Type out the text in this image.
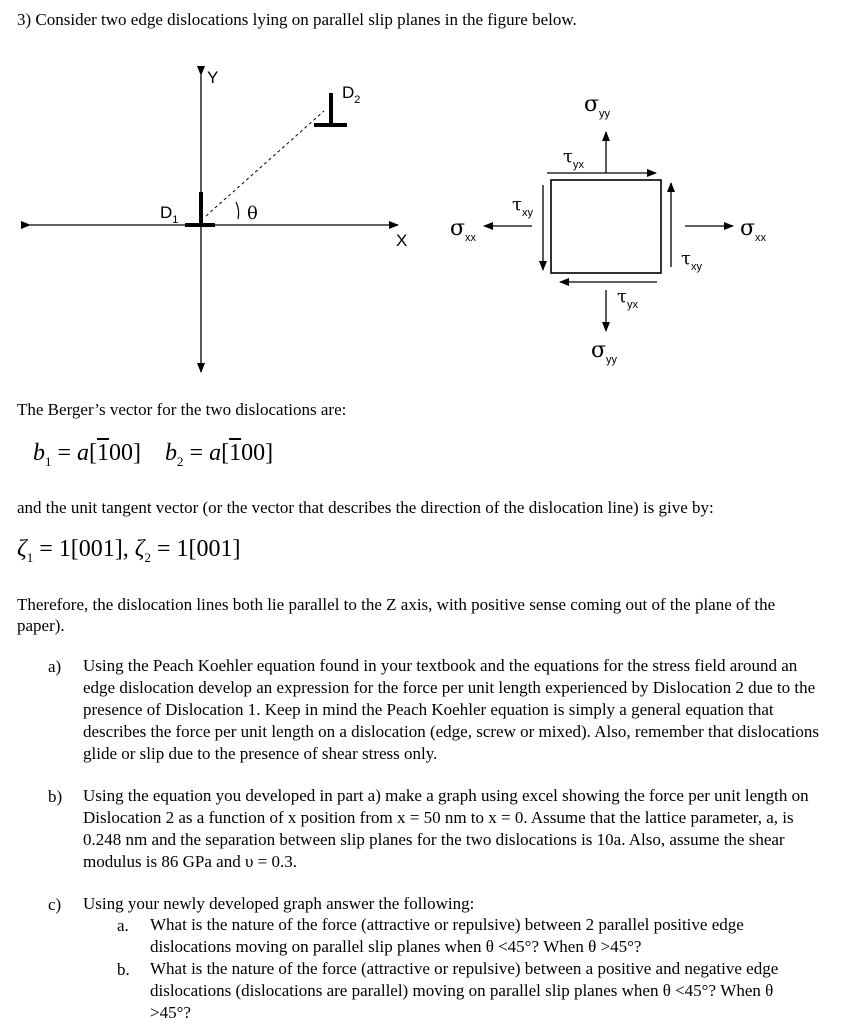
3) Consider two edge dislocations lying on parallel slip planes in the figure below.
Y
X
$D_1$	θ
$D_2$	$\sigma_{yy}$
$\tau_{yx}$
$\sigma_{xx}$
$\tau_{xy}$
$\sigma_{xx}$
$\tau_{xy}$
$\tau_{yx}$
$\sigma_{yy}$
The Berger’s vector for the two dislocations are:
$b_1 = a[100] b_2 = a[100]$
and the unit tangent vector (or the vector that describes the direction of the dislocation line) is give by:
$\zeta_1 = 1[001]$, $\zeta_2 = 1[001]$
Therefore, the dislocation lines both lie parallel to the Z axis, with positive sense coming out of the plane of the paper).
a) Using the Peach Koehler equation found in your textbook and the equations for the stress field around an edge dislocation develop an expression for the force per unit length experienced by Dislocation 2 due to the presence of Dislocation 1. Keep in mind the Peach Koehler equation is simply a general equation that describes the force per unit length on a dislocation (edge, screw or mixed). Also, remember that dislocations glide or slip due to the presence of shear stress only.
b) Using the equation you developed in part a) make a graph using excel showing the force per unit length on Dislocation 2 as a function of x position from x = 50 nm to x = 0. Assume that the lattice parameter, a, is 0.248 nm and the separation between slip planes for the two dislocations is 10a. Also, assume the shear modulus is 86 GPa and υ = 0.3.
c) Using your newly developed graph answer the following:
a. What is the nature of the force (attractive or repulsive) between 2 parallel positive edge dislocations moving on parallel slip planes when θ <45°? When θ >45°?
b. What is the nature of the force (attractive or repulsive) between a positive and negative edge dislocations (dislocations are parallel) moving on parallel slip planes when θ <45°? When θ >45°?
